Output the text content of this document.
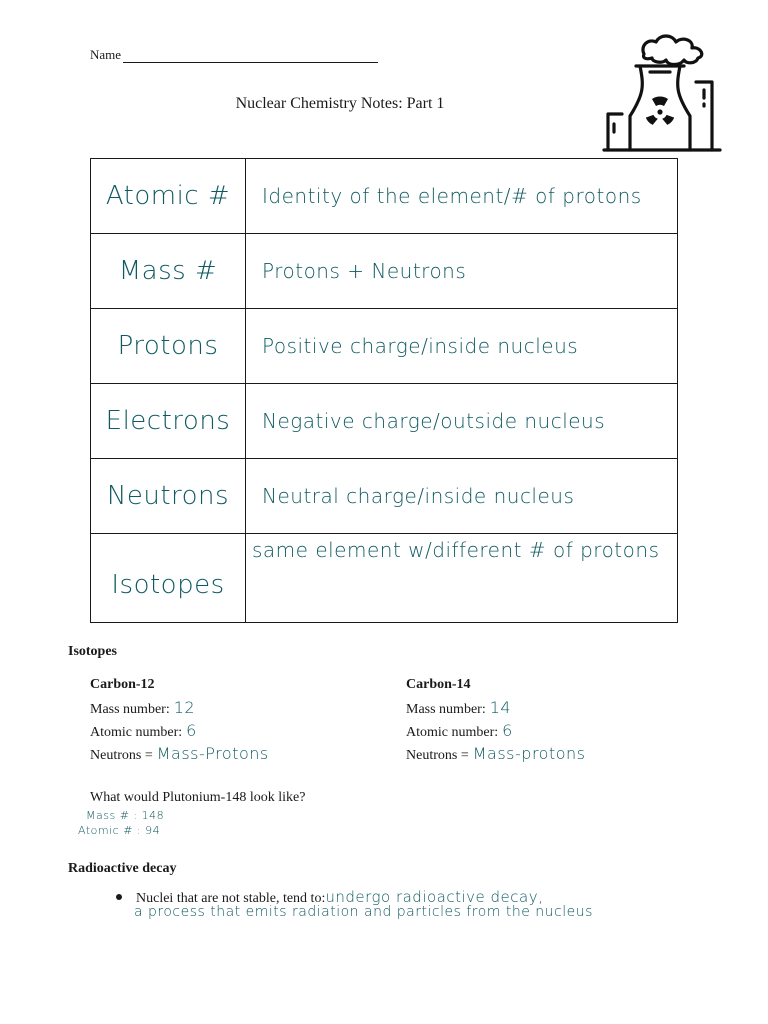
Name
Nuclear Chemistry Notes: Part 1
Atomic #	Identity of the element/# of protons
Mass #	Protons + Neutrons
Protons	Positive charge/inside nucleus
Electrons	Negative charge/outside nucleus
Neutrons	Neutral charge/inside nucleus
Isotopes	same element w/different # of protons
Isotopes
Carbon-12
Mass number: 12
Atomic number: 6
Neutrons = Mass-Protons
Carbon-14
Mass number: 14
Atomic number: 6
Neutrons = Mass-protons
What would Plutonium-148 look like?
Mass # : 148
Atomic # : 94
Radioactive decay
Nuclei that are not stable, tend to:undergo radioactive decay,
a process that emits radiation and particles from the nucleus
